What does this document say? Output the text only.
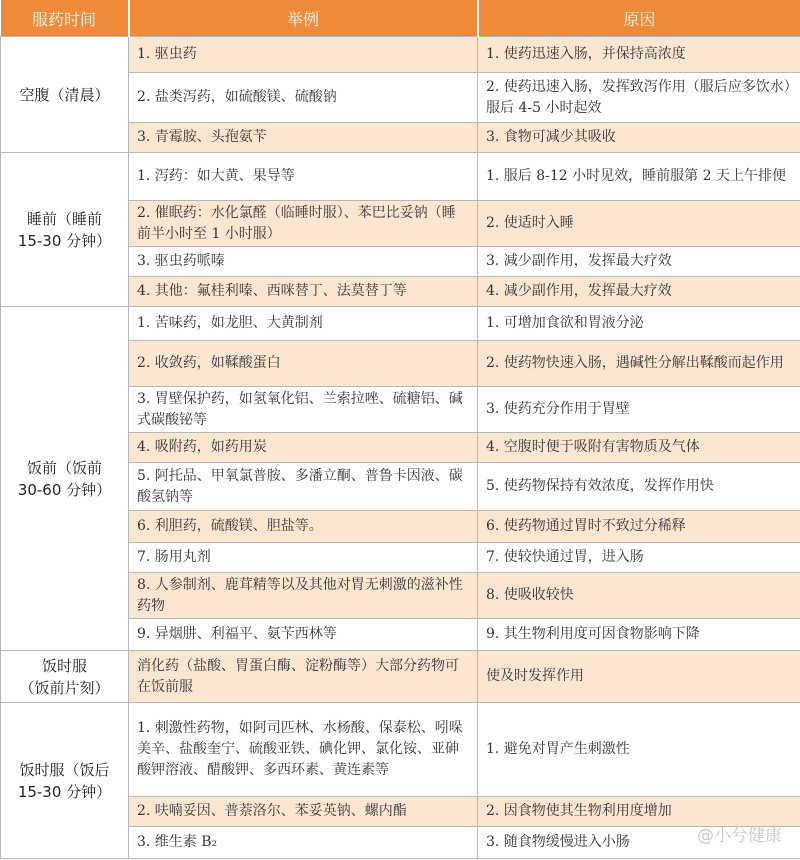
服药时间	举例	原因

空腹（清晨）	1. 驱虫药	1. 使药迅速入肠，并保持高浓度
	2. 盐类泻药，如硫酸镁、硫酸钠	2. 使药迅速入肠，发挥致泻作用（服后应多饮水）服后 4-5 小时起效
	3. 青霉胺、头孢氨苄	3. 食物可减少其吸收

睡前（睡前
15-30 分钟）	1. 泻药：如大黄、果导等	1. 服后 8-12 小时见效，睡前服第 2 天上午排便
	2. 催眠药：水化氯醛（临睡时服）、苯巴比妥钠（睡前半小时至 1 小时服）	2. 使适时入睡
	3. 驱虫药哌嗪	3. 减少副作用，发挥最大疗效
	4. 其他：氟桂利嗪、西咪替丁、法莫替丁等	4. 减少副作用，发挥最大疗效

饭前（饭前
30-60 分钟）	1. 苦味药，如龙胆、大黄制剂	1. 可增加食欲和胃液分泌
	2. 收敛药，如鞣酸蛋白	2. 使药物快速入肠，遇碱性分解出鞣酸而起作用
	3. 胃壁保护药，如氢氧化铝、兰索拉唑、硫糖铝、碱式碳酸铋等	3. 使药充分作用于胃壁
	4. 吸附药，如药用炭	4. 空腹时便于吸附有害物质及气体
	5. 阿托品、甲氧氯普胺、多潘立酮、普鲁卡因液、碳酸氢钠等	5. 使药物保持有效浓度，发挥作用快
	6. 利胆药，硫酸镁、胆盐等。	6. 使药物通过胃时不致过分稀释
	7. 肠用丸剂	7. 使较快通过胃，进入肠
	8. 人参制剂、鹿茸精等以及其他对胃无刺激的滋补性药物	8. 使吸收较快
	9. 异烟肼、利福平、氨苄西林等	9. 其生物利用度可因食物影响下降

饭时服
（饭前片刻）	消化药（盐酸、胃蛋白酶、淀粉酶等）大部分药物可在饭前服	使及时发挥作用

饭时服（饭后
15-30 分钟）	1. 刺激性药物，如阿司匹林、水杨酸、保泰松、吲哚美辛、盐酸奎宁、硫酸亚铁、碘化钾、氯化铵、亚砷酸钾溶液、醋酸钾、多西环素、黄连素等	1. 避免对胃产生刺激性
	2. 呋喃妥因、普萘洛尔、苯妥英钠、螺内酯	2. 因食物使其生物利用度增加
	3. 维生素 B₂	3. 随食物缓慢进入小肠	@小兮健康
